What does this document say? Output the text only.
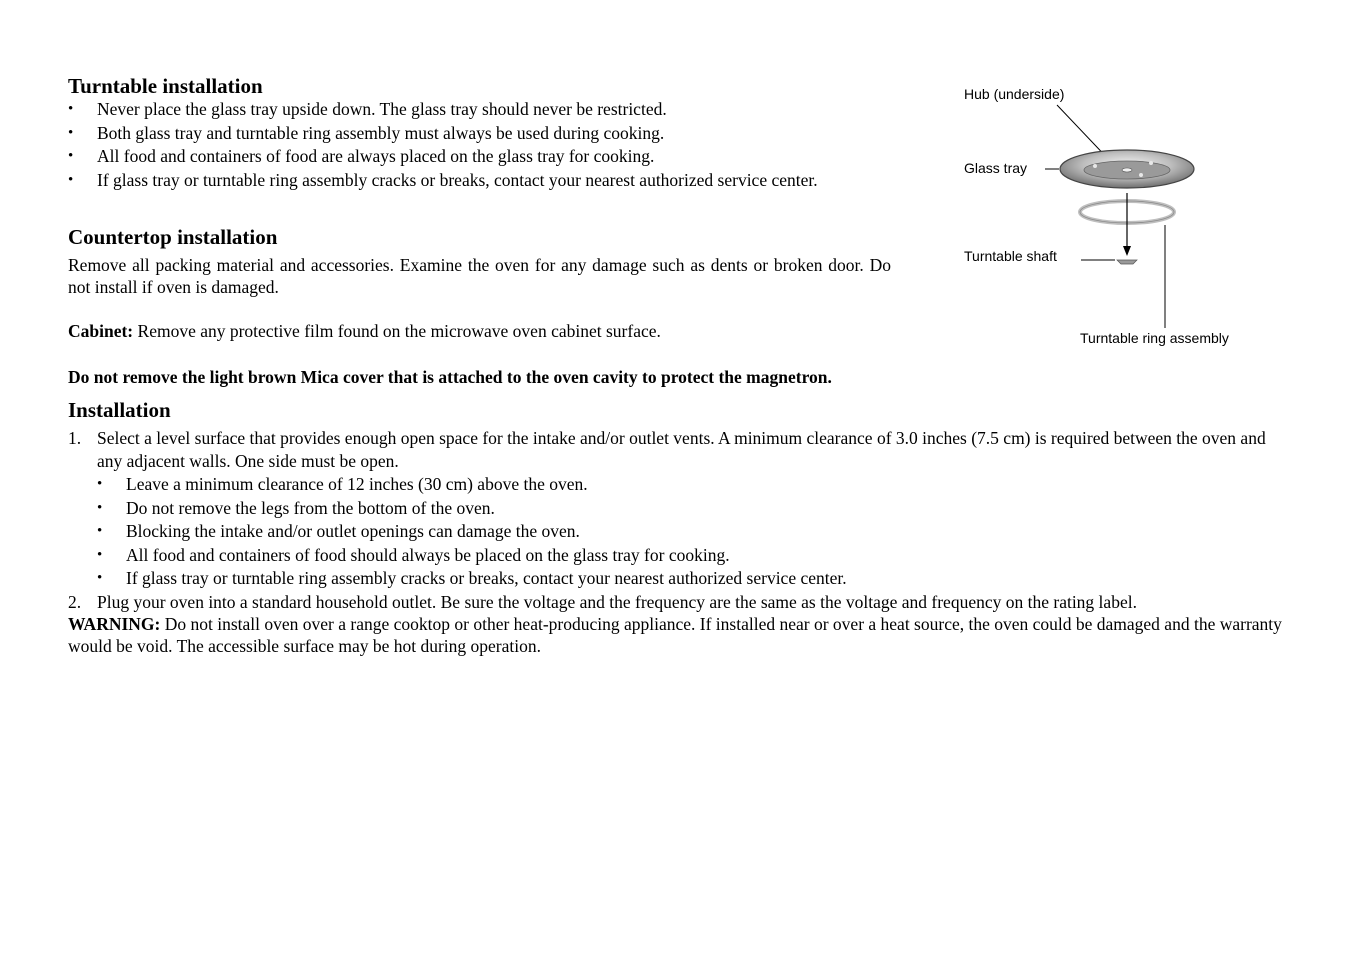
Turntable installation
• Never place the glass tray upside down. The glass tray should never be restricted.
• Both glass tray and turntable ring assembly must always be used during cooking.
• All food and containers of food are always placed on the glass tray for cooking.
• If glass tray or turntable ring assembly cracks or breaks, contact your nearest authorized service center.
Countertop installation

Remove all packing material and accessories. Examine the oven for any damage such as dents or broken door. Do not install if oven is damaged.

Cabinet: Remove any protective film found on the microwave oven cabinet surface.

Do not remove the light brown Mica cover that is attached to the oven cavity to protect the magnetron.

Installation
1. Select a level surface that provides enough open space for the intake and/or outlet vents. A minimum clearance of 3.0 inches (7.5 cm) is required between the oven and any adjacent walls. One side must be open.
• Leave a minimum clearance of 12 inches (30 cm) above the oven.
• Do not remove the legs from the bottom of the oven.
• Blocking the intake and/or outlet openings can damage the oven.
• All food and containers of food should always be placed on the glass tray for cooking.
• If glass tray or turntable ring assembly cracks or breaks, contact your nearest authorized service center.
2. Plug your oven into a standard household outlet. Be sure the voltage and the frequency are the same as the voltage and frequency on the rating label.

WARNING: Do not install oven over a range cooktop or other heat-producing appliance. If installed near or over a heat source, the oven could be damaged and the warranty would be void. The accessible surface may be hot during operation.

Hub (underside)
Glass tray
Turntable shaft
Turntable ring assembly
